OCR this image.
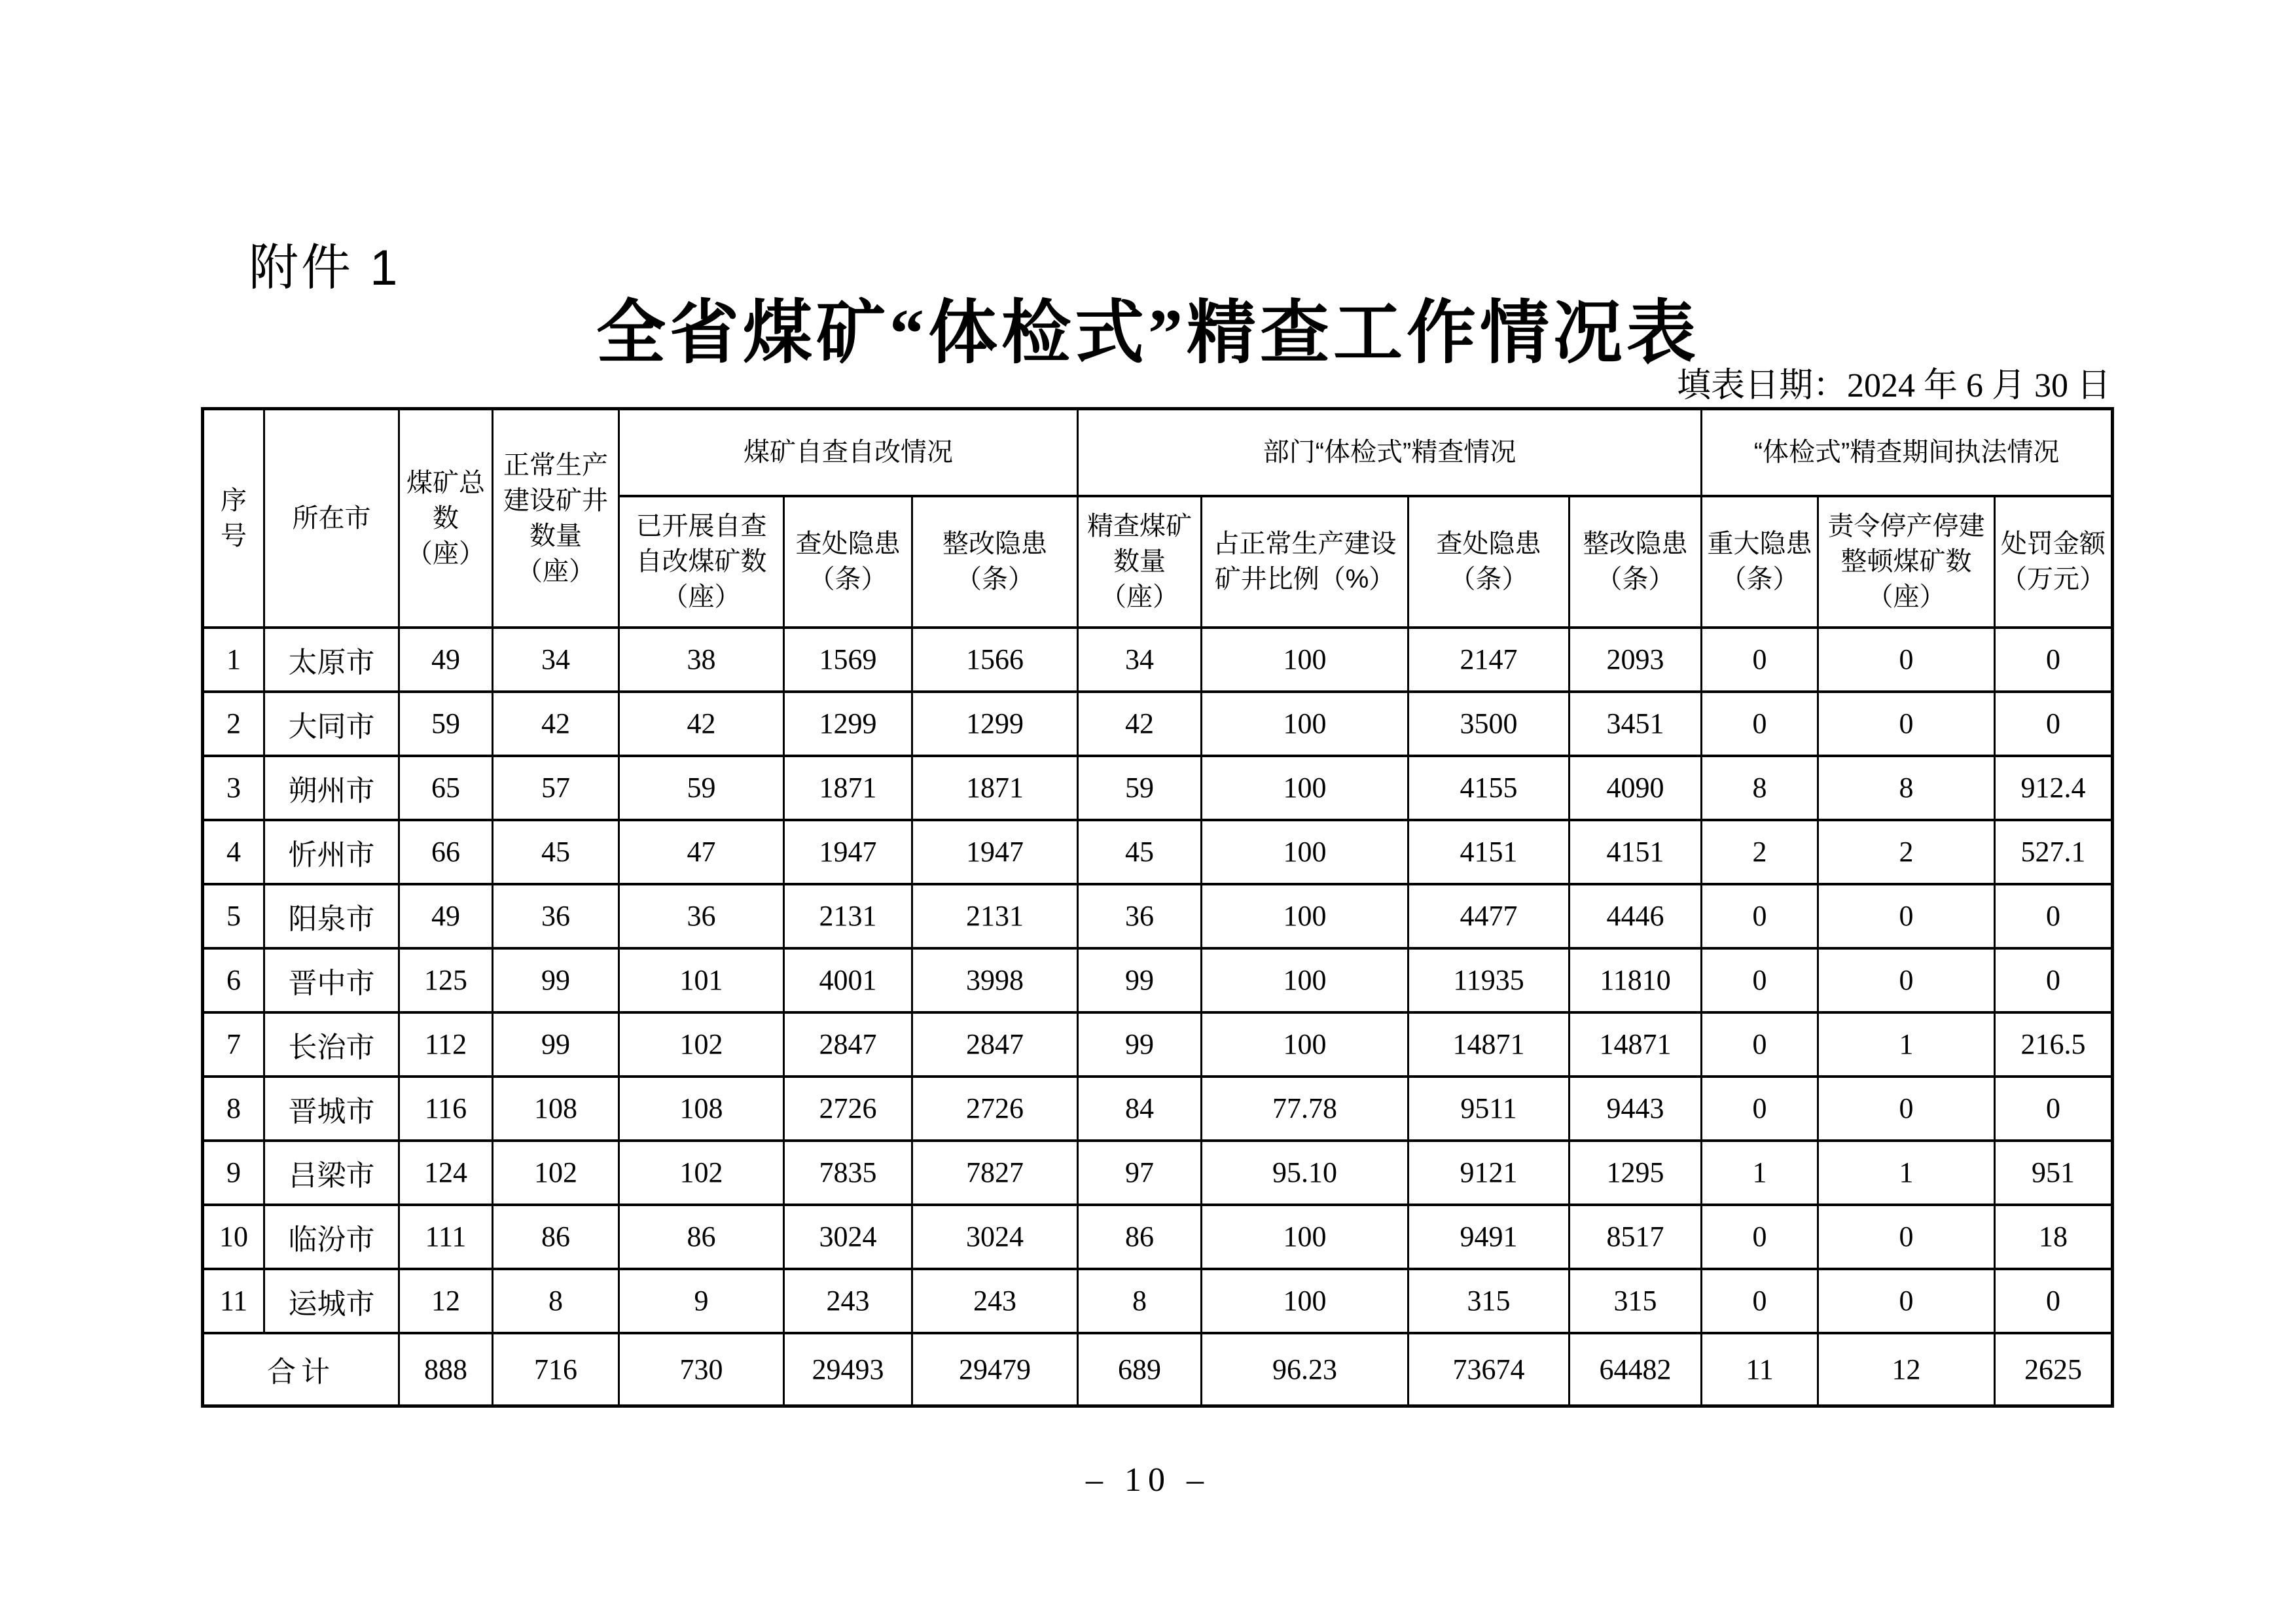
附件 1
全省煤矿“体检式”精查工作情况表
填表日期：2024 年 6 月 30 日
序号	所在市	煤矿总数（座）	正常生产建设矿井数量（座）	煤矿自查自改情况			部门“体检式”精查情况				“体检式”精查期间执法情况		
				已开展自查自改煤矿数（座）	查处隐患（条）	整改隐患（条）	精查煤矿数量（座）	占正常生产建设矿井比例（%）	查处隐患（条）	整改隐患（条）	重大隐患（条）	责令停产停建整顿煤矿数（座）	处罚金额（万元）
1	太原市	49	34	38	1569	1566	34	100	2147	2093	0	0	0
2	大同市	59	42	42	1299	1299	42	100	3500	3451	0	0	0
3	朔州市	65	57	59	1871	1871	59	100	4155	4090	8	8	912.4
4	忻州市	66	45	47	1947	1947	45	100	4151	4151	2	2	527.1
5	阳泉市	49	36	36	2131	2131	36	100	4477	4446	0	0	0
6	晋中市	125	99	101	4001	3998	99	100	11935	11810	0	0	0
7	长治市	112	99	102	2847	2847	99	100	14871	14871	0	1	216.5
8	晋城市	116	108	108	2726	2726	84	77.78	9511	9443	0	0	0
9	吕梁市	124	102	102	7835	7827	97	95.10	9121	1295	1	1	951
10	临汾市	111	86	86	3024	3024	86	100	9491	8517	0	0	18
11	运城市	12	8	9	243	243	8	100	315	315	0	0	0
合计		888	716	730	29493	29479	689	96.23	73674	64482	11	12	2625
– 10 –
